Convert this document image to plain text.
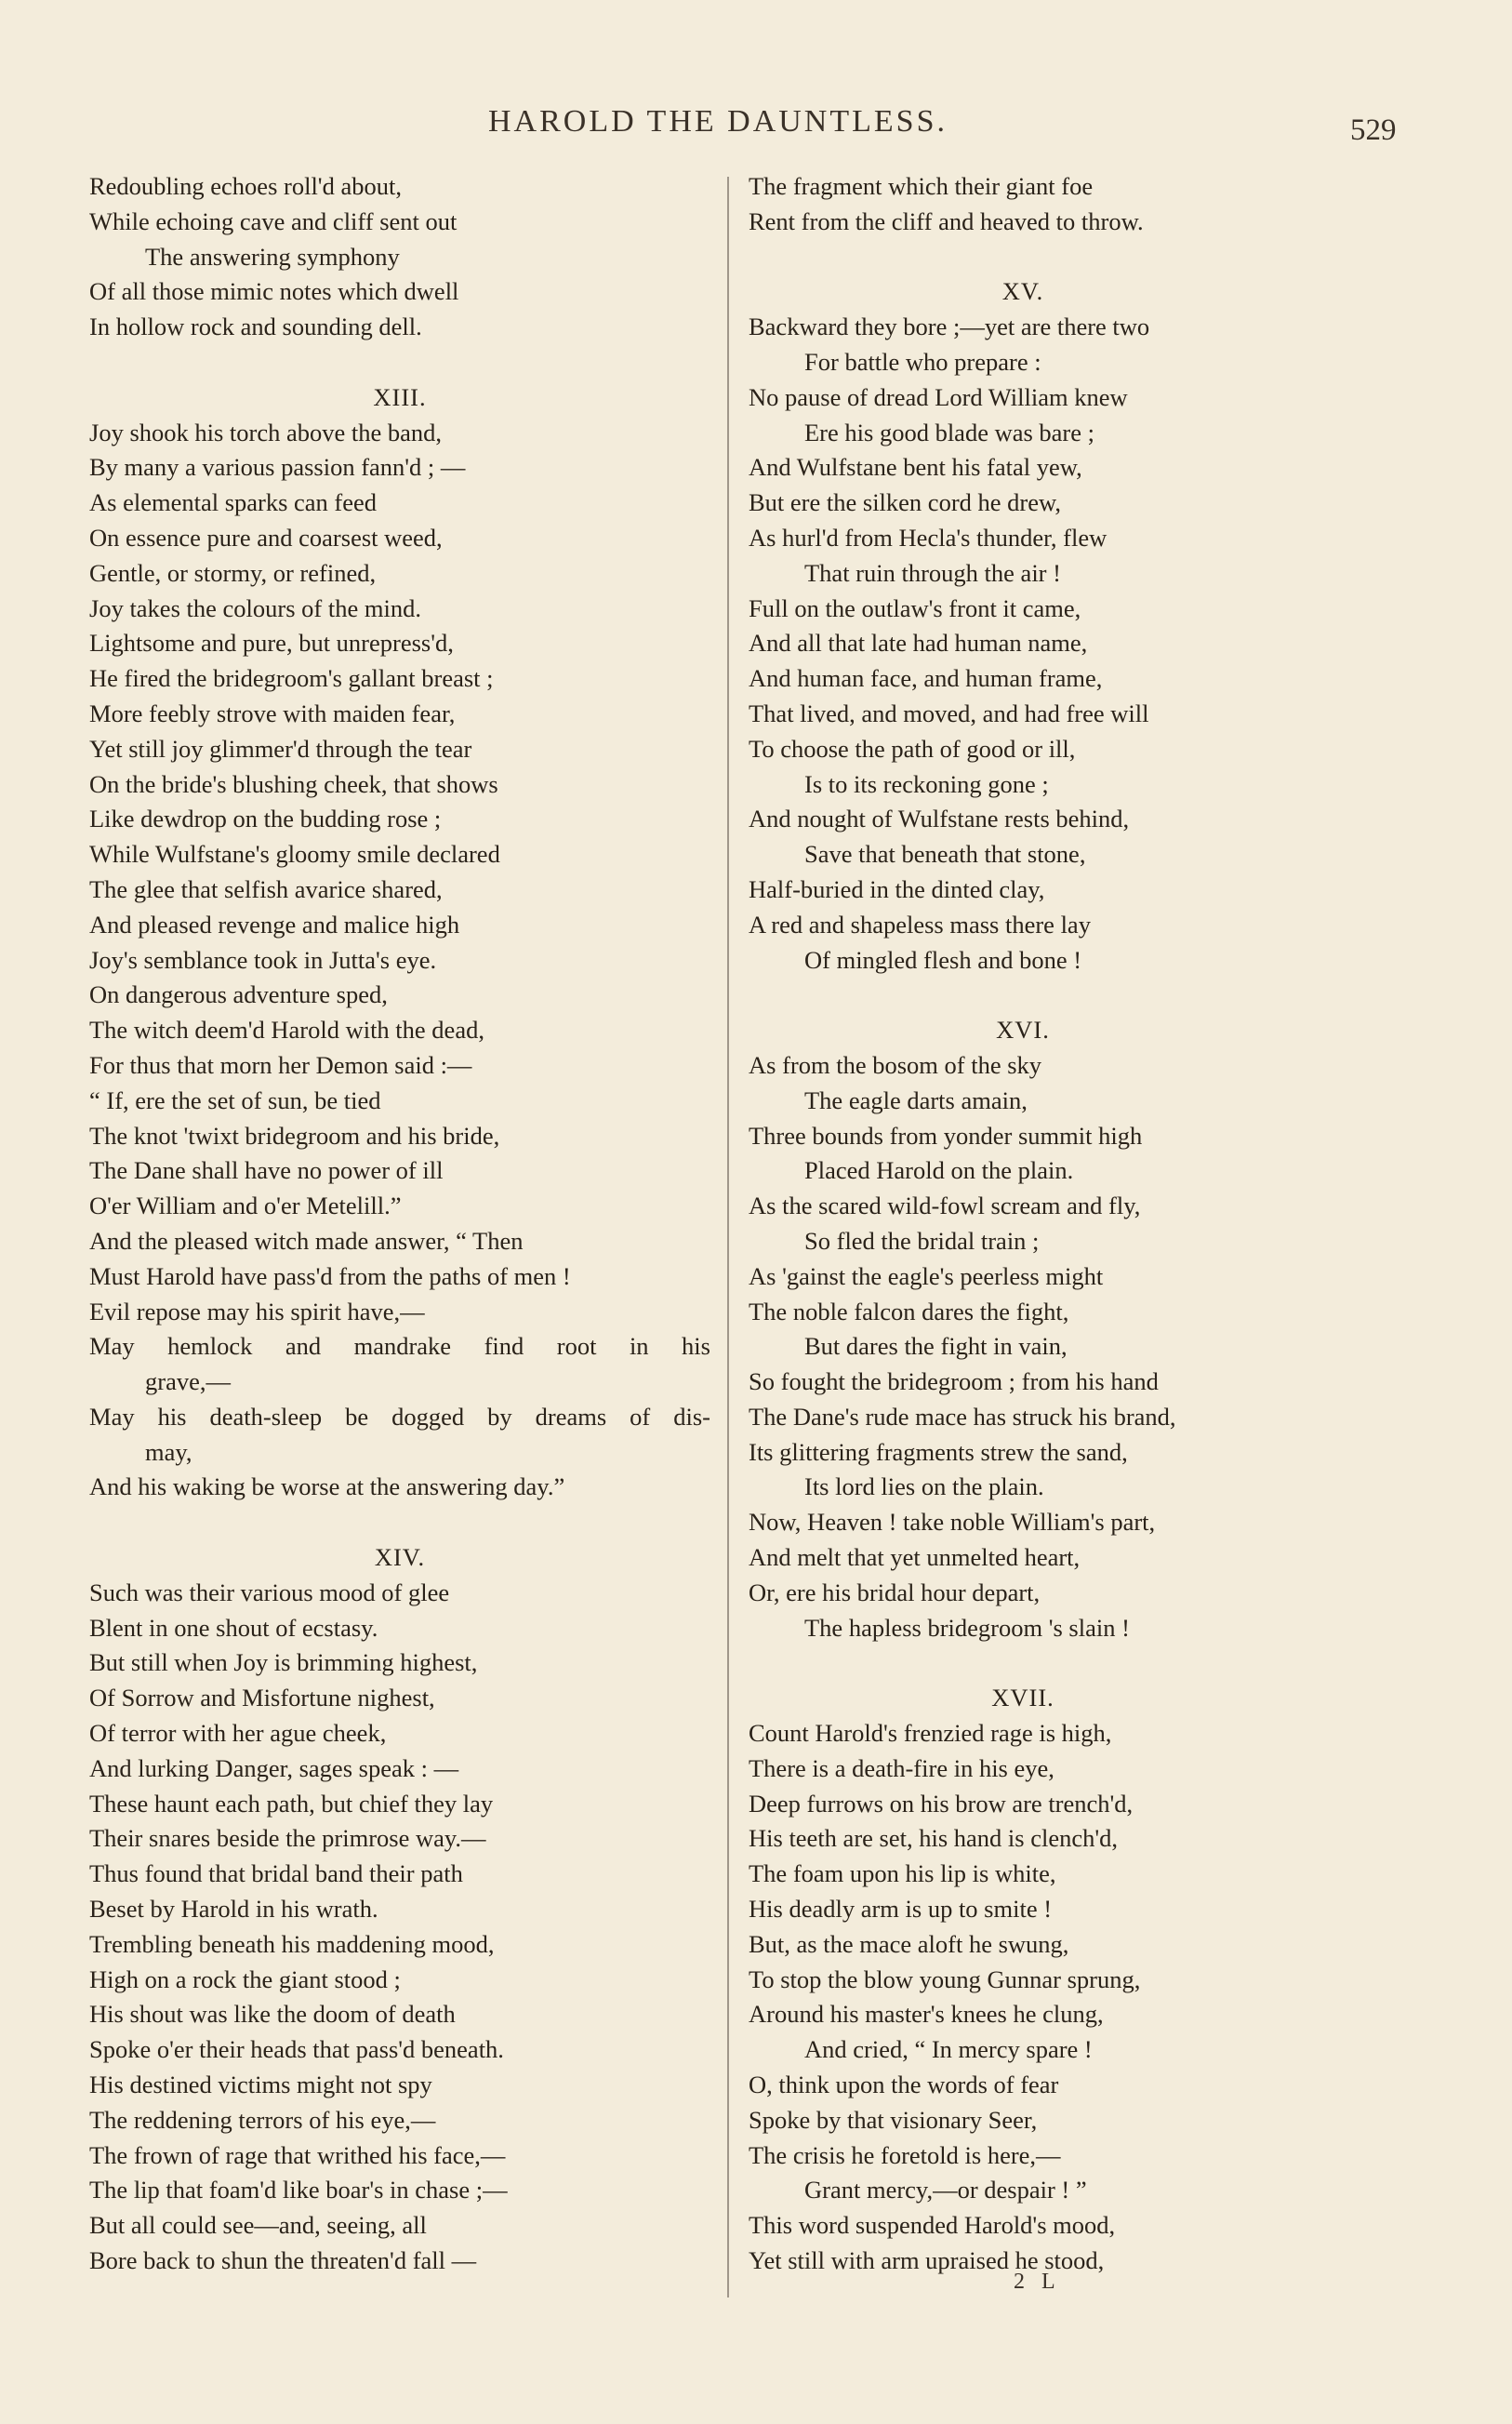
HAROLD THE DAUNTLESS.	529
Redoubling echoes roll'd about,
While echoing cave and cliff sent out
The answering symphony
Of all those mimic notes which dwell
In hollow rock and sounding dell.
XIII.
Joy shook his torch above the band,
By many a various passion fann'd ; —
As elemental sparks can feed
On essence pure and coarsest weed,
Gentle, or stormy, or refined,
Joy takes the colours of the mind.
Lightsome and pure, but unrepress'd,
He fired the bridegroom's gallant breast ;
More feebly strove with maiden fear,
Yet still joy glimmer'd through the tear
On the bride's blushing cheek, that shows
Like dewdrop on the budding rose ;
While Wulfstane's gloomy smile declared
The glee that selfish avarice shared,
And pleased revenge and malice high
Joy's semblance took in Jutta's eye.
On dangerous adventure sped,
The witch deem'd Harold with the dead,
For thus that morn her Demon said :—
“ If, ere the set of sun, be tied
The knot 'twixt bridegroom and his bride,
The Dane shall have no power of ill
O'er William and o'er Metelill.”
And the pleased witch made answer, “ Then
Must Harold have pass'd from the paths of men !
Evil repose may his spirit have,—
May hemlock and mandrake find root in his
grave,—
May his death-sleep be dogged by dreams of dis-
may,
And his waking be worse at the answering day.”
XIV.
Such was their various mood of glee
Blent in one shout of ecstasy.
But still when Joy is brimming highest,
Of Sorrow and Misfortune nighest,
Of terror with her ague cheek,
And lurking Danger, sages speak : —
These haunt each path, but chief they lay
Their snares beside the primrose way.—
Thus found that bridal band their path
Beset by Harold in his wrath.
Trembling beneath his maddening mood,
High on a rock the giant stood ;
His shout was like the doom of death
Spoke o'er their heads that pass'd beneath.
His destined victims might not spy
The reddening terrors of his eye,—
The frown of rage that writhed his face,—
The lip that foam'd like boar's in chase ;—
But all could see—and, seeing, all
Bore back to shun the threaten'd fall —
The fragment which their giant foe
Rent from the cliff and heaved to throw.
XV.
Backward they bore ;—yet are there two
For battle who prepare :
No pause of dread Lord William knew
Ere his good blade was bare ;
And Wulfstane bent his fatal yew,
But ere the silken cord he drew,
As hurl'd from Hecla's thunder, flew
That ruin through the air !
Full on the outlaw's front it came,
And all that late had human name,
And human face, and human frame,
That lived, and moved, and had free will
To choose the path of good or ill,
Is to its reckoning gone ;
And nought of Wulfstane rests behind,
Save that beneath that stone,
Half-buried in the dinted clay,
A red and shapeless mass there lay
Of mingled flesh and bone !
XVI.
As from the bosom of the sky
The eagle darts amain,
Three bounds from yonder summit high
Placed Harold on the plain.
As the scared wild-fowl scream and fly,
So fled the bridal train ;
As 'gainst the eagle's peerless might
The noble falcon dares the fight,
But dares the fight in vain,
So fought the bridegroom ; from his hand
The Dane's rude mace has struck his brand,
Its glittering fragments strew the sand,
Its lord lies on the plain.
Now, Heaven ! take noble William's part,
And melt that yet unmelted heart,
Or, ere his bridal hour depart,
The hapless bridegroom 's slain !
XVII.
Count Harold's frenzied rage is high,
There is a death-fire in his eye,
Deep furrows on his brow are trench'd,
His teeth are set, his hand is clench'd,
The foam upon his lip is white,
His deadly arm is up to smite !
But, as the mace aloft he swung,
To stop the blow young Gunnar sprung,
Around his master's knees he clung,
And cried, “ In mercy spare !
O, think upon the words of fear
Spoke by that visionary Seer,
The crisis he foretold is here,—
Grant mercy,—or despair ! ”
This word suspended Harold's mood,
Yet still with arm upraised he stood,
2 L
